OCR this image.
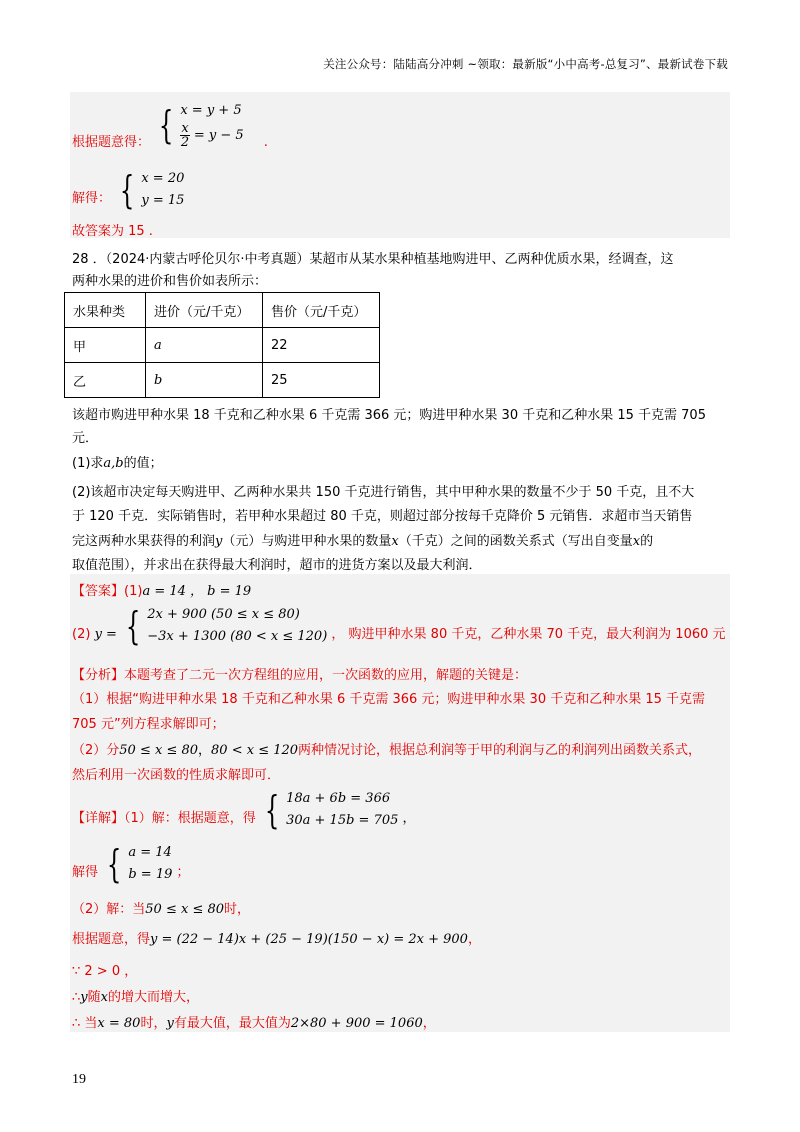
关注公众号：陆陆高分冲刺 ~领取：最新版“小中高考-总复习”、最新试卷下载
根据题意得： { x = y + 5
$\frac{x}{2} = y - 5$ .
解得： { x = 20
y = 15
故答案为 15 .
28 ．（2024·内蒙古呼伦贝尔·中考真题）某超市从某水果种植基地购进甲、乙两种优质水果，经调查，这
两种水果的进价和售价如表所示：
水果种类	进价（元/千克）	售价（元/千克）
甲	a	22
乙	b	25
该超市购进甲种水果 18 千克和乙种水果 6 千克需 366 元；购进甲种水果 30 千克和乙种水果 15 千克需 705
元．
(1)求a,b的值；
(2)该超市决定每天购进甲、乙两种水果共 150 千克进行销售，其中甲种水果的数量不少于 50 千克，且不大
于 120 千克．实际销售时，若甲种水果超过 80 千克，则超过部分按每千克降价 5 元销售．求超市当天销售
完这两种水果获得的利润y（元）与购进甲种水果的数量x（千克）之间的函数关系式（写出自变量x的
取值范围），并求出在获得最大利润时，超市的进货方案以及最大利润．
【答案】(1)a = 14 ， b = 19
(2) y = { 2x + 900 (50 ≤ x ≤ 80)
−3x + 1300 (80 < x ≤ 120) ， 购进甲种水果 80 千克，乙种水果 70 千克，最大利润为 1060 元
【分析】本题考查了二元一次方程组的应用，一次函数的应用，解题的关键是：
（1）根据“购进甲种水果 18 千克和乙种水果 6 千克需 366 元；购进甲种水果 30 千克和乙种水果 15 千克需
705 元”列方程求解即可；
（2）分50 ≤ x ≤ 80，80 < x ≤ 120两种情况讨论，根据总利润等于甲的利润与乙的利润列出函数关系式，
然后利用一次函数的性质求解即可．
【详解】（1）解：根据题意，得 { 18a + 6b = 366
30a + 15b = 705 ，
解得 { a = 14
b = 19 ；
（2）解：当50 ≤ x ≤ 80时，
根据题意，得y = (22 − 14)x + (25 − 19)(150 − x) = 2x + 900，
∵ 2 > 0 ，
∴y随x的增大而增大，
∴ 当x = 80时，y有最大值，最大值为2×80 + 900 = 1060，
19
